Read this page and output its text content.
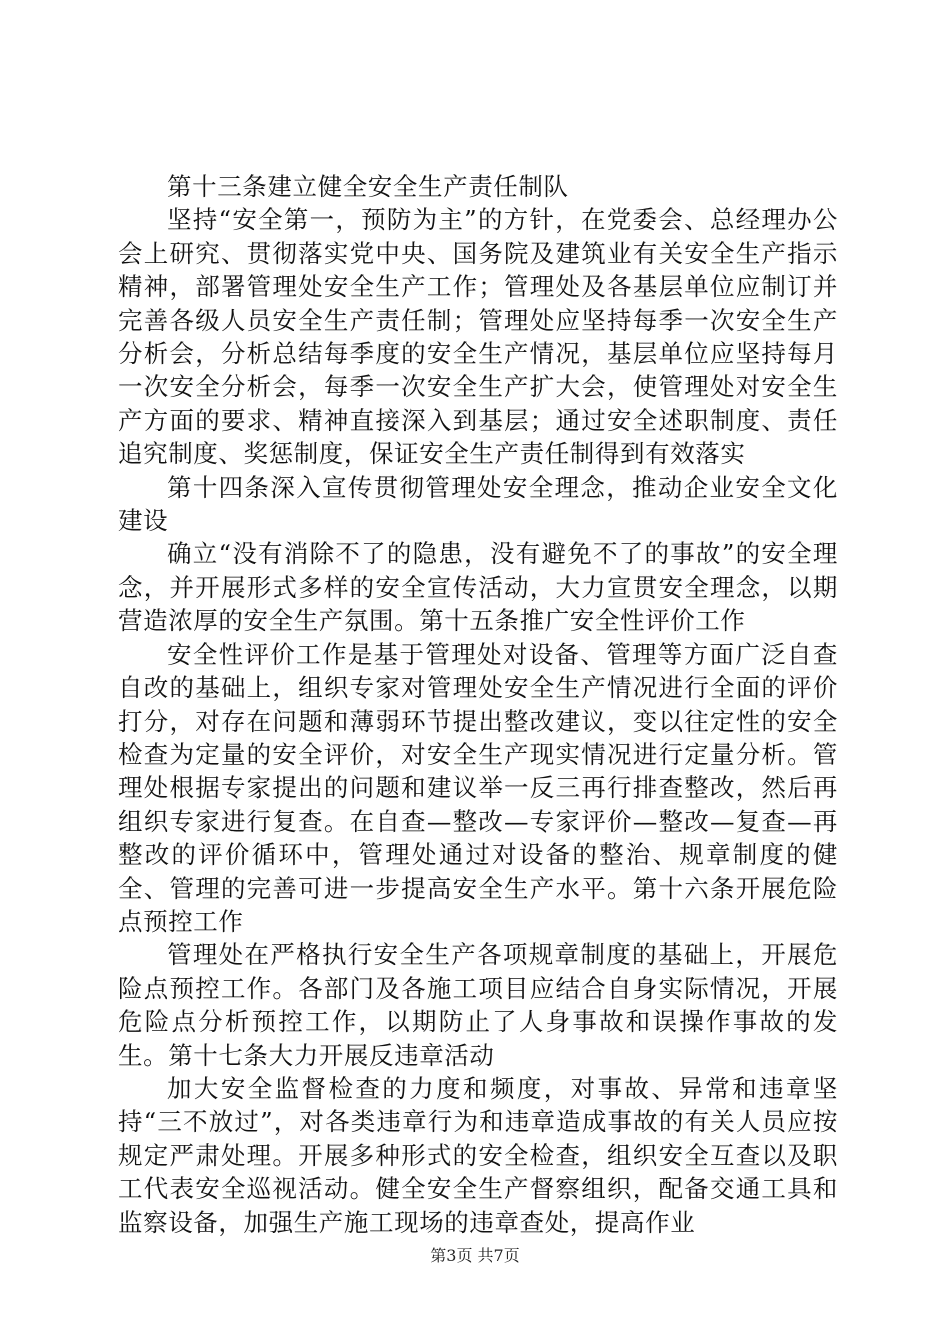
第十三条建立健全安全生产责任制队

坚持“安全第一，预防为主”的方针，在党委会、总经理办公会上研究、贯彻落实党中央、国务院及建筑业有关安全生产指示精神，部署管理处安全生产工作；管理处及各基层单位应制订并完善各级人员安全生产责任制；管理处应坚持每季一次安全生产分析会，分析总结每季度的安全生产情况，基层单位应坚持每月一次安全分析会，每季一次安全生产扩大会，使管理处对安全生产方面的要求、精神直接深入到基层；通过安全述职制度、责任追究制度、奖惩制度，保证安全生产责任制得到有效落实

第十四条深入宣传贯彻管理处安全理念，推动企业安全文化建设

确立“没有消除不了的隐患，没有避免不了的事故”的安全理念，并开展形式多样的安全宣传活动，大力宣贯安全理念，以期营造浓厚的安全生产氛围。第十五条推广安全性评价工作

安全性评价工作是基于管理处对设备、管理等方面广泛自查自改的基础上，组织专家对管理处安全生产情况进行全面的评价打分，对存在问题和薄弱环节提出整改建议，变以往定性的安全检查为定量的安全评价，对安全生产现实情况进行定量分析。管理处根据专家提出的问题和建议举一反三再行排查整改，然后再组织专家进行复查。在自查—整改—专家评价—整改—复查—再整改的评价循环中，管理处通过对设备的整治、规章制度的健全、管理的完善可进一步提高安全生产水平。第十六条开展危险点预控工作

管理处在严格执行安全生产各项规章制度的基础上，开展危险点预控工作。各部门及各施工项目应结合自身实际情况，开展危险点分析预控工作，以期防止了人身事故和误操作事故的发生。第十七条大力开展反违章活动

加大安全监督检查的力度和频度，对事故、异常和违章坚持“三不放过”，对各类违章行为和违章造成事故的有关人员应按规定严肃处理。开展多种形式的安全检查，组织安全互查以及职工代表安全巡视活动。健全安全生产督察组织，配备交通工具和监察设备，加强生产施工现场的违章查处，提高作业

第3页 共7页
